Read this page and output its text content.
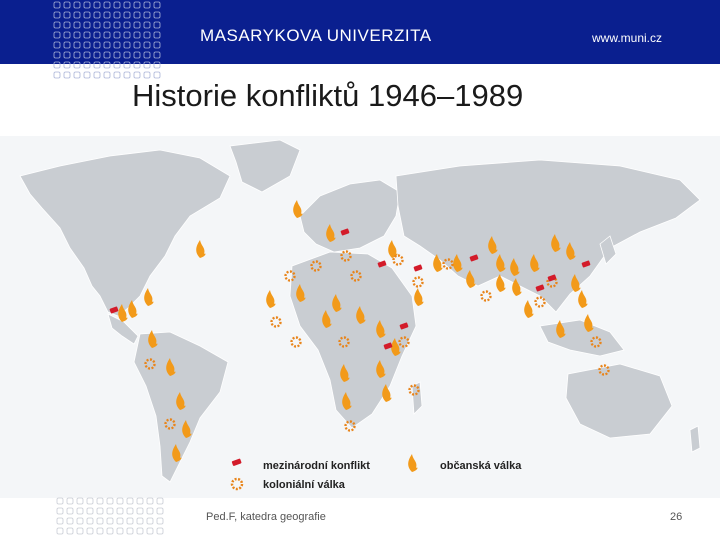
MASARYKOVA UNIVERZITA	www.muni.cz
Historie konfliktů 1946–1989
mezinárodní konflikt	občanská válka
koloniální válka
Ped.F, katedra geografie	26
